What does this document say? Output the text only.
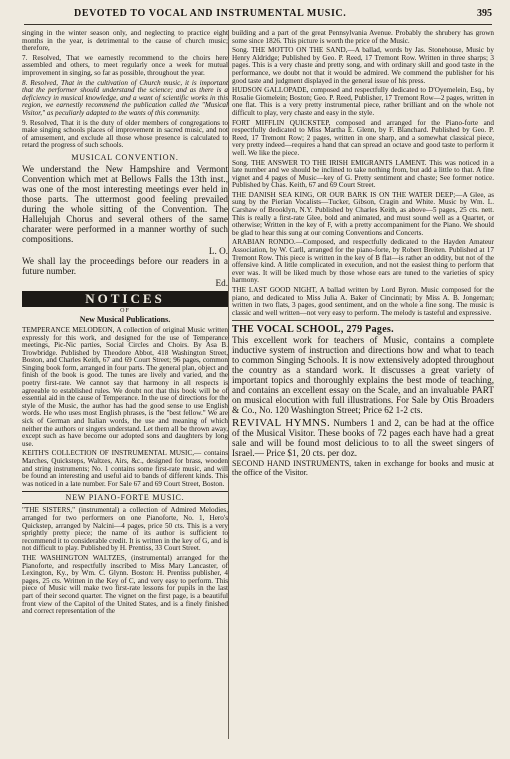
DEVOTED TO VOCAL AND INSTRUMENTAL MUSIC.	395

singing in the winter season only, and neglecting to practice eight months in the year, is detrimental to the cause of church music; therefore,

7. Resolved, That we earnestly recommend to the choirs here assembled and others, to meet regularly once a week for mutual improvement in singing, so far as possible, throughout the year.

8. Resolved, That in the cultivation of Church music, it is important that the performer should understand the science; and as there is a deficiency in musical knowledge, and a want of scientific works in this region, we earnestly recommend the publication called the "Musical Visitor," as peculiarly adapted to the wants of this community.

9. Resolved, That it is the duty of older members of congregations to make singing schools places of improvement in sacred music, and not of amusement, and exclude all those whose presence is calculated to retard the progress of such schools.

MUSICAL CONVENTION.

We understand the New Hampshire and Vermont Convention which met at Bellows Falls the 13th inst., was one of the most interesting meetings ever held in those parts. The uttermost good feeling prevailed during the whole sitting of the Convention. The Hallelujah Chorus and several others of the same charater were performed in a manner worthy of such compositions.

L. O.

We shall lay the proceedings before our readers in a future number.

Ed.
NOTICES
OF
New Musical Publications.

TEMPERANCE MELODEON, A collection of original Music written expressly for this work, and designed for the use of Temperance meetings, Pic-Nic parties, Social Circles and Choirs. By Asa B. Trowbridge. Published by Theodore Abbot, 418 Washington Street, Boston, and Charles Keith, 67 and 69 Court Street; 96 pages, common Singing book form, arranged in four parts. The general plan, object and finish of the book is good. The tunes are lively and varied, and the poetry first-rate. We cannot say that harmony in all respects is agreeable to established rules. We doubt not that this book will be of essential aid in the cause of Temperance. In the use of directions for the style of the Music, the author has had the good sense to use English words. He who uses most English phrases, is the "best fellow." We are sick of German and Italian words, the use and meaning of which neither the authors or singers understand. Let them all be thrown away, except such as have become our adopted sons and daughters by long use.

KEITH'S COLLECTION OF INSTRUMENTAL MUSIC,— contains Marches, Quicksteps, Waltzes, Airs, &c., designed for brass, wooden and string instruments; No. 1 contains some first-rate music, and will be found an interesting and useful aid to bands of different kinds. This was noticed in a late number. For Sale 67 and 69 Court Street, Boston.

NEW PIANO-FORTE MUSIC.

"THE SISTERS," (instrumental) a collection of Admired Melodies, arranged for two performers on one Pianoforte, No. 1, Hero's Quickstep, arranged by Nalcini—4 pages, price 50 cts. This is a very sprightly pretty piece; the name of its author is sufficient to recommend it to considerable credit. It is written in the key of G, and is not difficult to play. Published by H. Prentiss, 33 Court Street.

THE WASHINGTON WALTZES, (instrumental) arranged for the Pianoforte, and respectfully inscribed to Miss Mary Lancaster, of Lexington, Ky., by Wm. C. Glynn. Boston: H. Prentiss publisher, 4 pages, 25 cts. Written in the Key of C, and very easy to perform. This piece of Music will make two first-rate lessons for pupils in the last part of their second quarter. The vignet on the first page, is a beautiful front view of the Capitol of the United States, and is a finely finished and correct representation of the

building and a part of the great Pennsylvania Avenue. Probably the shrubery has grown some since 1826. This picture is worth the price of the Music.

Song. THE MOTTO ON THE SAND,—A ballad, words by Jas. Stonehouse, Music by Henry Aldridge; Published by Geo. P. Reed, 17 Tremont Row. Written in three sharps; 3 pages. This is a very chaste and pretty song, and with ordinary skill and good taste in the performance, we doubt not that it would be admired. We commend the publisher for his good taste and judgment displayed in the general issue of his press.

HUDSON GALLOPADE, composed and respectfully dedicated to D'Oyemelein, Esq., by Rosalie Giomelein; Boston; Geo. P. Reed, Publisher, 17 Tremont Row—2 pages, written in one flat. This is a very pretty instrumental piece, rather brilliant and on the whole not difficult to play, very chaste and easy in the style.

FORT MIFFLIN QUICKSTEP, composed and arranged for the Piano-forte and respectfully dedicated to Miss Martha E. Glenn, by F. Blanchard. Published by Geo. P. Reed, 17 Tremont Row; 2 pages, written in one sharp, and a somewhat classical piece, very pretty indeed—requires a hand that can spread an octave and good taste to perform it well. We like the piece.

Song. THE ANSWER TO THE IRISH EMIGRANTS LAMENT. This was noticed in a late number and we should be inclined to take nothing from, but add a little to that. A fine vignet and 4 pages of Music—key of G. Pretty sentiment and chaste; See former notice. Published by Chas. Keith, 67 and 69 Court Street.

THE DANISH SEA KING, OR OUR BARK IS ON THE WATER DEEP;—A Glee, as sung by the Pierian Vocalists—Tucker, Gibson, Cragin and White. Music by Wm. L. Carshaw of Brooklyn, N.Y. Published by Charles Keith, as above—5 pages, 25 cts. nett. This is really a first-rate Glee, bold and animated, and must sound well as a Quartet, or otherwise; Written in the key of F, with a pretty accompaniment for the Piano. We should be glad to hear this sung at our coming Conventions and Concerts.

ARABIAN RONDO.—Composed, and respectfully dedicated to the Hayden Amateur Association, by W. Carll, arranged for the piano-forte, by Robert Breiten. Published at 17 Tremont Row. This piece is written in the key of B flat—is rather an oddity, but not of the offensive kind. A little complicated in execution, and not the easiest thing to perform that ever was. It will be liked much by those whose ears are tuned to the varieties of spicy harmony.

THE LAST GOOD NIGHT, A ballad written by Lord Byron. Music composed for the piano, and dedicated to Miss Julia A. Baker of Cincinnati; by Miss A. B. Jongeman; written in two flats, 3 pages, good sentiment, and on the whole a fine song. The music is classic and well written—not very easy to perform. The melody is tasteful and expressive.

THE VOCAL SCHOOL, 279 Pages.

This excellent work for teachers of Music, contains a complete inductive system of instruction and directions how and what to teach to common Singing Schools. It is now extensively adopted throughout the country as a standard work. It discusses a great variety of important topics and thoroughly explains the best mode of teaching, and contains an excellent essay on the Scale, and an invaluable PART on musical elocution with full illustrations. For Sale by Otis Broaders & Co., No. 120 Washington Street; Price 62 1-2 cts.

REVIVAL HYMNS. Numbers 1 and 2, can be had at the office of the Musical Visitor. These books of 72 pages each have had a great sale and will be found most delicious to to all the sweet singers of Israel.— Price $1, 20 cts. per doz.

SECOND HAND INSTRUMENTS, taken in exchange for books and music at the office of the Visitor.
